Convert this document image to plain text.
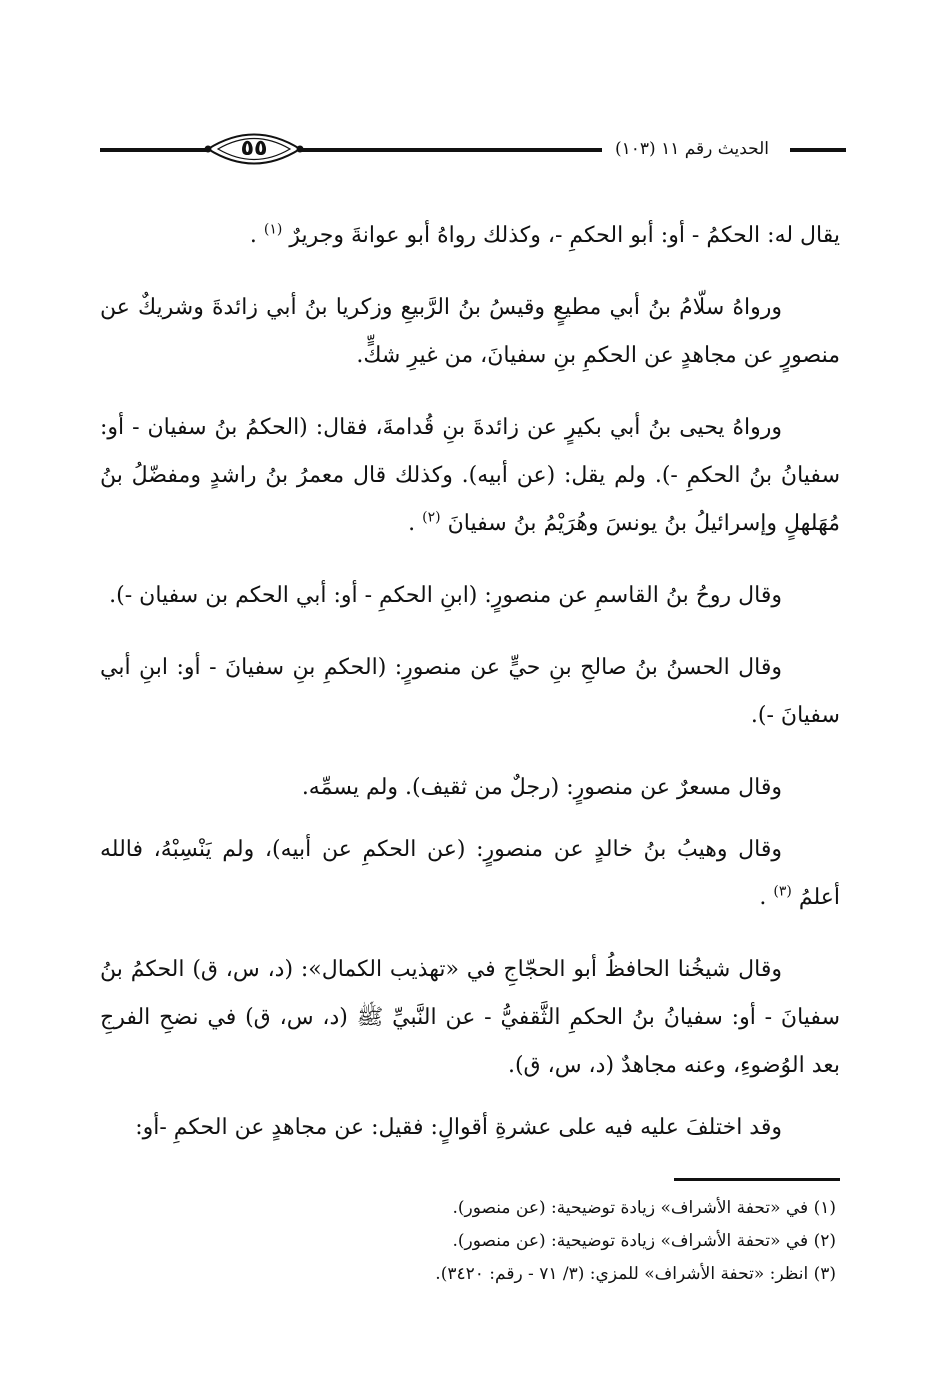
٥٥	الحديث رقم ١١ (١٠٣)

يقال له: الحكمُ - أو: أبو الحكمِ -، وكذلك رواهُ أبو عوانةَ وجريرٌ $^{(١)}$ .

ورواهُ سلّامُ بنُ أبي مطيعٍ وقيسُ بنُ الرَّبيعِ وزكريا بنُ أبي زائدةَ وشريكٌ عن منصورٍ عن مجاهدٍ عن الحكمِ بنِ سفيانَ، من غيرِ شكٍّ.

ورواهُ يحيى بنُ أبي بكيرٍ عن زائدةَ بنِ قُدامةَ، فقال: (الحكمُ بنُ سفيان - أو: سفيانُ بنُ الحكمِ -). ولم يقل: (عن أبيه). وكذلك قال معمرُ بنُ راشدٍ ومفضّلُ بنُ مُهَلهلٍ وإسرائيلُ بنُ يونسَ وهُرَيْمُ بنُ سفيانَ $^{(٢)}$ .

وقال روحُ بنُ القاسمِ عن منصورٍ: (ابنِ الحكمِ - أو: أبي الحكم بن سفيان -).

وقال الحسنُ بنُ صالحِ بنِ حيٍّ عن منصورٍ: (الحكمِ بنِ سفيانَ - أو: ابنِ أبي سفيانَ -).

وقال مسعرٌ عن منصورٍ: (رجلٌ من ثقيف). ولم يسمِّه.

وقال وهيبُ بنُ خالدٍ عن منصورٍ: (عن الحكمِ عن أبيه)، ولم يَنْسِبْهُ، فالله أعلمُ $^{(٣)}$ .

وقال شيخُنا الحافظُ أبو الحجّاجِ في «تهذيب الكمال»: (د، س، ق) الحكمُ بنُ سفيانَ - أو: سفيانُ بنُ الحكمِ الثَّقفيُّ - عن النَّبيِّ ﷺ (د، س، ق) في نضحِ الفرجِ بعد الوُضوءِ، وعنه مجاهدٌ (د، س، ق).

وقد اختلفَ عليه فيه على عشرةِ أقوالٍ: فقيل: عن مجاهدٍ عن الحكمِ -أو:

(١) في «تحفة الأشراف» زيادة توضيحية: (عن منصور).

(٢) في «تحفة الأشراف» زيادة توضيحية: (عن منصور).

(٣) انظر: «تحفة الأشراف» للمزي: (٣/ ٧١ - رقم: ٣٤٢٠).
